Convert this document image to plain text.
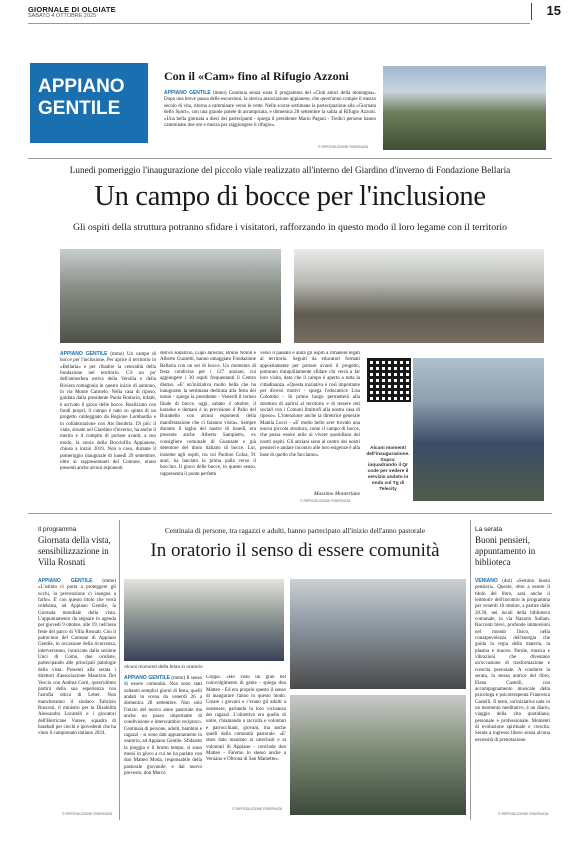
GIORNALE DI OLGIATE
SABATO 4 OTTOBRE 2025	15
APPIANO
GENTILE
Con il «Cam» fino al Rifugio Azzoni
APPIANO GENTILE (mmo) Continua senza sosta il programma del «Club amici della montagna». Dopo una breve pausa delle escursioni, la storica associazione appianese, che quest'anno compie il mezzo secolo di vita, ritorna a camminare verso le vette. Nelle scorse settimane la partecipazione alla «Giornata dello Sport», con una grande parete di arrampicata, e domenica 28 settembre la salita al Rifugio Azzoni. «Una bella giornata a dieci dei partecipanti - spiega il presidente Mario Pagani - Tredici persone hanno camminato due ore e mezza per raggiungere il rifugio».
© RIPRODUZIONE RISERVATA
Lunedì pomeriggio l'inaugurazione del piccolo viale realizzato all'interno del Giardino d'inverno di Fondazione Bellaria
Un campo di bocce per l'inclusione
Gli ospiti della struttura potranno sfidare i visitatori, rafforzando in questo modo il loro legame con il territorio
Alcuni momenti dell'inaugurazione. Sopra: inquadrando il Qr code per vedere il servizio andato in onda sul Tg di Telecity
APPIANO GENTILE (mmo) Un campo di bocce per l'inclusione. Per aprire il territorio in «Bellaria» e per ribadire la centralità della fondazione nel territorio. C'è un po' dell'atmosfera estiva della Versilia e della Riviera romagnola in questo inizio di autunno, in via Monte Carmelo. Nella casa di riposo, guidata dalla presidente Paola Bottacin, infatti, è arrivato il gioco delle bocce. Realizzato con fondi propri, il campo è nato su spinta di un progetto caldeggiato da Regione Lombardia e in collaborazione con Ats Insubria. Di più: il viale, situato nel Giardino d'inverno, ha anche il merito e il compito di portare avanti, a suo modo, la storia della Bocciofila Appianese, chiusa a inizio 2019. Non a caso, durante il pomeriggio inaugurale di lunedì 29 settembre, oltre ai rappresentanti del Comune, erano presenti anche alcuni esponenti
dell'ex sodalizio, Lupo Jaroslav, Bruno Notoli e Alberto Guzzetti, hanno omaggiato Fondazione Bellaria con un set di bocce. Un momento di festa condivisa per i 127 anziani, cui aggiungere i 30 ospiti frequentanti il Centro diurno. «E' un'iniziativa molto bella che ha inaugurato la settimana dedicata alla festa dei nonni - spiega la presidente - Venerdì il torneo finale di bocce, oggi, sabato 4 ottobre, il karaoke e domani è in previsione il Palio del Burattello con alcuni esponenti della manifestazione che ci faranno visita». Sempre durante il taglio del nastro di lunedì, era presente anche Alberto Sampietro, ex consigliere comunale di Guanzate e già detentore del titolo italiano di bocce. Lui, insieme agli ospiti, tra cui Paolino Colza, 91 anni, ha lanciato la prima palla verso il boccino. Il gioco delle bocce, in questo senso, rappresenta il ponte perfetto
verso il passato e aiuta gli ospiti a rimanere legati al territorio. Seguiti da educatori formati appositamente per portare avanti il progetto, potranno tranquillamente sfidare chi verrà a far loro visita, dato che il campo è aperto a tutta la cittadinanza. «Questa iniziativa è così importante per diversi motivi - spiega l'educatrice Lisa Colombo - In primo luogo permetterà alla struttura di aprirsi al territorio e di tessere reti sociali con i Comuni limitrofi alla nostra casa di riposo». L'intenzione anche la direttrice generale Manila Lucci - «E' molto bello aver trovato una nuova piccola struttura, come il campo di bocce, che possa essere utile ai vivere quotidiano dei nostri ospiti. Gli anziani sono al centro dei nostri pensieri e andare incontro alle loro esigenze è alla base di quello che facciamo».
Massimo Monterlune
© RIPRODUZIONE RISERVATA
Il programma
Giornata della vista, sensibilizzazione in Villa Rosnati
APPIANO GENTILE (mmo) «L'istinto ci porta a proteggere gli occhi, la prevenzione ci insegna a farlo». E' con questo titolo che verrà celebrata, ad Appiano Gentile, la Giornata mondiale della vista. L'appuntamento da segnare in agenda per giovedì 9 ottobre, alle 19, nell'area feste del parco di Villa Rosnati. Con il patrocinio del Comune di Appiano Gentile, in occasione della ricorrenza, interverranno, incaricate dalla sezione Unci di Como, due oculiste, partecipando alle principali patologie della vista. Presenti alla serata i direttori d'associazione Maurizio Del Vescio con Andrea Corti, quest'ultimo partirà della sua esperienza con l'atrofia ottica di Leber. Non mancheranno il sindaco Fabrizio Rusconi, il ministro per la Disabilità Alessandra Locatelli e i giocatori dell'Hurricane Varese, squadra di baseball per ciechi e ipovedenti che ha vinto il campionato italiano 2024.
© RIPRODUZIONE RISERVATA
Centinaia di persone, tra ragazzi e adulti, hanno partecipato all'inizio dell'anno pastorale
In oratorio il senso di essere comunità
Alcuni momenti della festa in oratorio
APPIANO GENTILE (mmo) Il senso di essere comunità. Non sono stati soltanto semplici giorni di festa, quelli andati in scena da venerdì 26 a domenica 28 settembre. Non solo l'inizio del nuovo anno pastorale ma anche un passo importante di condivisione e interscambio reciproco. Centinaia di persone, adulti, bambini e ragazzi - si sono dati appuntamento in oratorio, ad Appiano Gentile. Sfidando la pioggia e il brutto tempo, si sono messi in gioco a cui ne ha parlato con don Matteo Moda, responsabile della pastorale giovanile, e dal nuovo prevosto, don Marco
Crippa. «Ho visto un gran bel coinvolgimento di gente - spiega don Matteo - Ed era proprio questo il senso di inaugurare l'anno in questo modo. Creare i giovani e c'erano gli adulti a sostenere, parlando la loro vicinanza dei ragazzi. L'obiettivo era quello di unire, chiamando a raccolta e volontari e parrocchiani, giovani, ma anche quelli della comunità pastorale. «E' stato dato mandato ai catechisti e ai volontari di Appiano - conclude don Matteo - Faremo lo stesso anche a Veniano e Oltrona di San Mamette».
© RIPRODUZIONE RISERVATA
La serata
Buoni pensieri, appuntamento in biblioteca
VENIANO (dui) «Semino buoni pensieri». Questo, oltre a essere il titolo del libro, sarà anche il leitmotiv dell'incontro in programma per venerdì 10 ottobre, a partire dalle 20.30, nei locali della biblioteca comunale, in via Nazario Sullam. Racconti brevi, profonde immersioni nel mondo fisico, nella consapevolezza dell'energia che guida la regia della materia, la plasma e muove. Parole, musica e vibrazioni che diventano un'occasione di trasformazione e crescita personale. A condurre la serata, la stessa autrice del libro, Elena Castelli, con accompagnamento musicale della psicologa e psicoterapeuta Francesca Castelli. Il testo, un'iniziativa nata in un momento meditativo, è un diario, viaggio della vita quotidiana, personale e professionale. Momenti di evoluzione spirituale e crescita. Serata a ingresso libero senza alcuna necessità di prenotazione.
© RIPRODUZIONE RISERVATA
